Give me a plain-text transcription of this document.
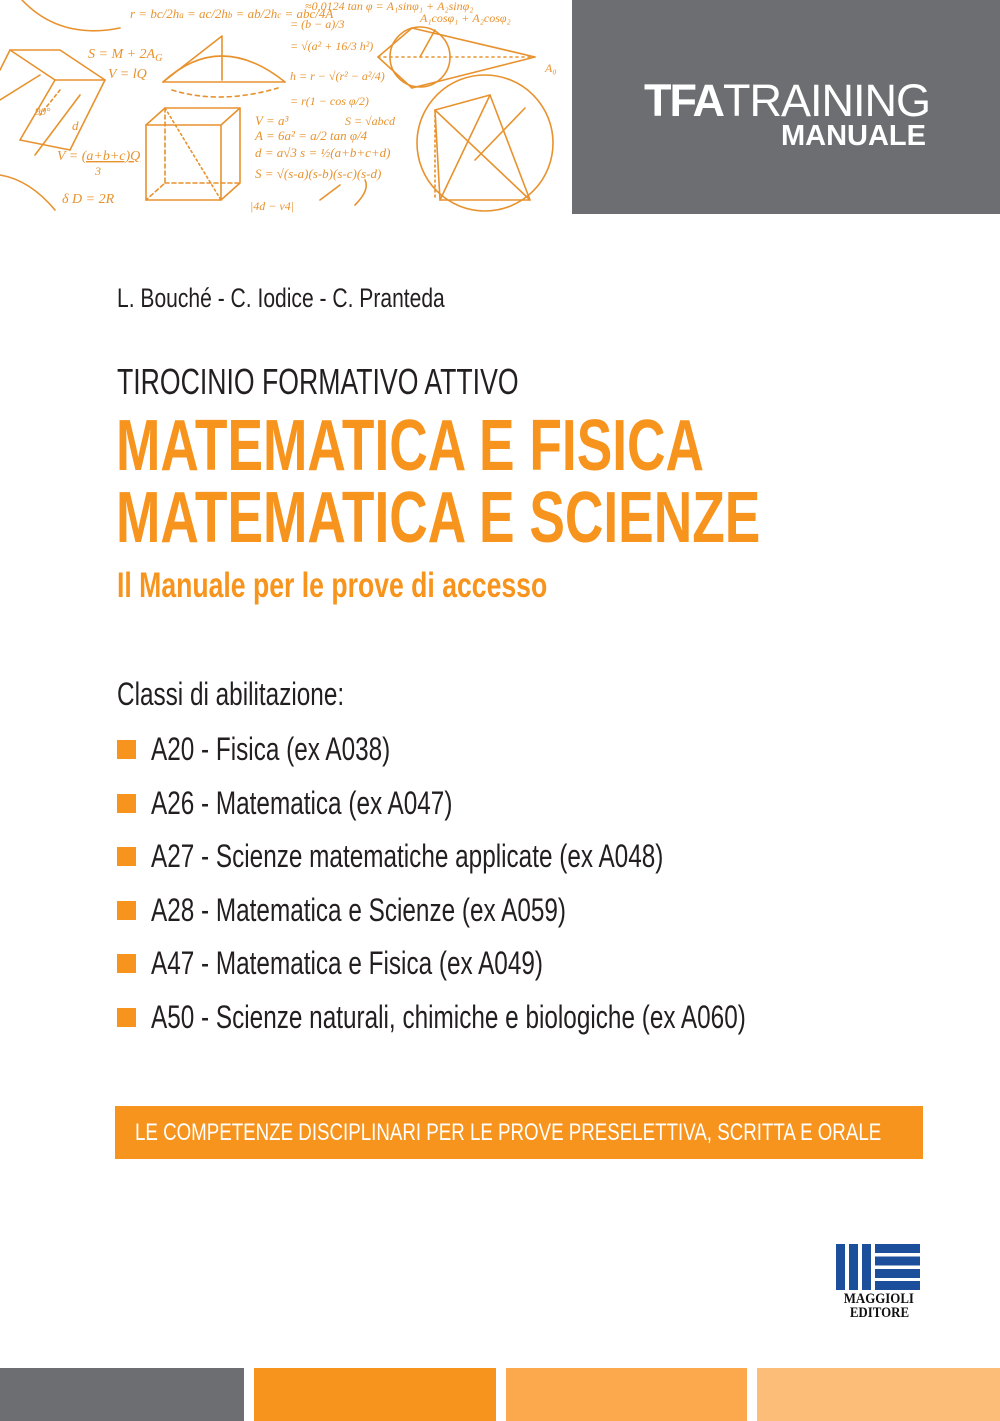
90°
d
$S = M + 2A_G$
V = lQ
V = (a+b+c)Q
3
δ D = 2R
r = bc/2ha = ac/2hb = ab/2hc = abc/4A
V = a³
A = 6a² = a/2 tan φ/4
d = a√3 s = ½(a+b+c+d)
S = √(s-a)(s-b)(s-c)(s-d)
S = √abcd
= r(1 − cos φ/2)
h = r − √(r² − a²/4)
= √(a² + 16/3 h²)
= (b − a)/3
≈0,0124 tan φ = A₁sinφ₁ + A₂sinφ₂
A₁cosφ₁ + A₂cosφ₂
|4d − v4|
A₀
TFATRAINING
MANUALE
L. Bouché - C. Iodice - C. Pranteda
TIROCINIO FORMATIVO ATTIVO
MATEMATICA E FISICA
MATEMATICA E SCIENZE
Il Manuale per le prove di accesso
Classi di abilitazione:
A20 - Fisica (ex A038)
A26 - Matematica (ex A047)
A27 - Scienze matematiche applicate (ex A048)
A28 - Matematica e Scienze (ex A059)
A47 - Matematica e Fisica (ex A049)
A50 - Scienze naturali, chimiche e biologiche (ex A060)
LE COMPETENZE DISCIPLINARI PER LE PROVE PRESELETTIVA, SCRITTA E ORALE
MAGGIOLI
EDITORE
